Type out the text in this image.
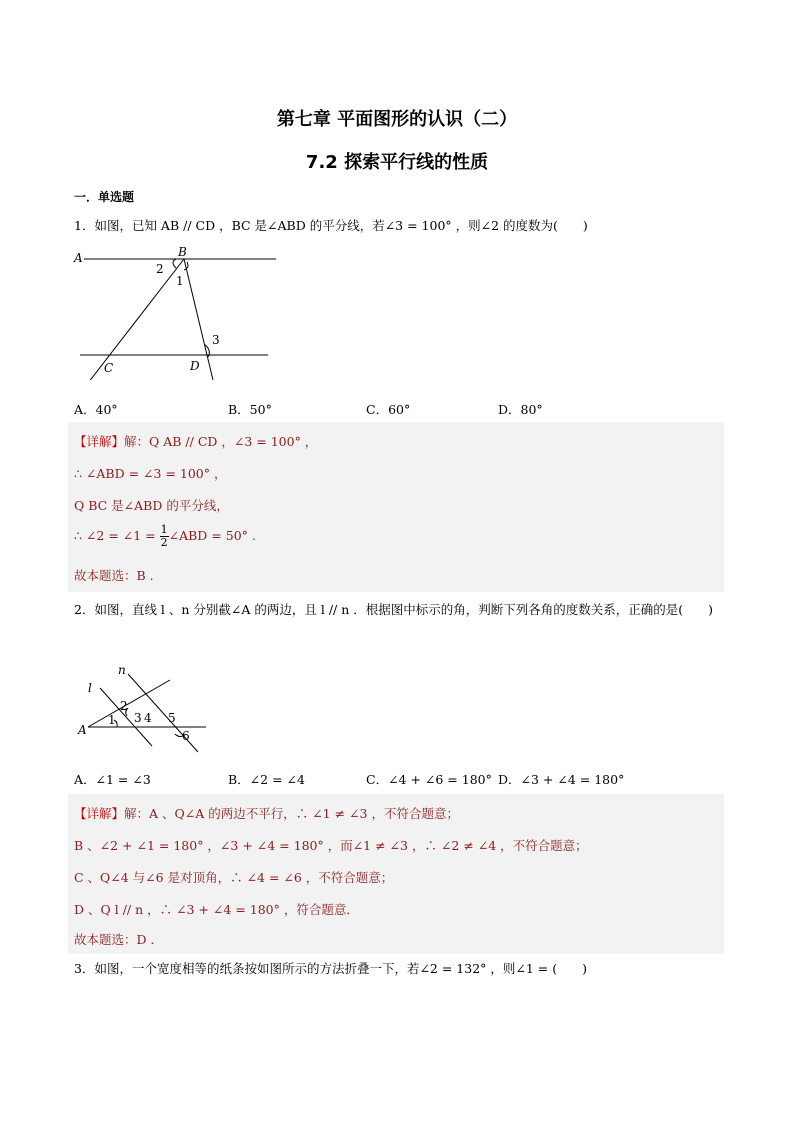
第七章 平面图形的认识（二）
7.2 探索平行线的性质
一．单选题
1．如图，已知 AB // CD ，BC 是∠ABD 的平分线，若∠3 = 100° ，则∠2 的度数为(　　)
A	B
C	D
2
1
3
A．40°	B．50°	C．60°	D．80°
【详解】解：Q AB // CD ，∠3 = 100° ，
∴ ∠ABD = ∠3 = 100° ，
Q BC 是∠ABD 的平分线，
∴ ∠2 = ∠1 = $\frac{1}{2}$ ∠ABD = 50° .
故本题选：B .
2．如图，直线 l 、n 分别截∠A 的两边，且 l // n ．根据图中标示的角，判断下列各角的度数关系，正确的是(　　)
A
l
n
1
2
3 4 5
6
A．∠1 = ∠3	B．∠2 = ∠4	C．∠4 + ∠6 = 180° D．∠3 + ∠4 = 180°
【详解】解：A 、Q∠A 的两边不平行，∴ ∠1 ≠ ∠3 ，不符合题意；
B 、∠2 + ∠1 = 180° ，∠3 + ∠4 = 180° ，而∠1 ≠ ∠3 ，∴ ∠2 ≠ ∠4 ，不符合题意；
C 、Q∠4 与∠6 是对顶角，∴ ∠4 = ∠6 ，不符合题意；
D 、Q l // n ，∴ ∠3 + ∠4 = 180° ，符合题意．
故本题选：D ．
3．如图，一个宽度相等的纸条按如图所示的方法折叠一下，若∠2 = 132° ，则∠1 = (　　)
